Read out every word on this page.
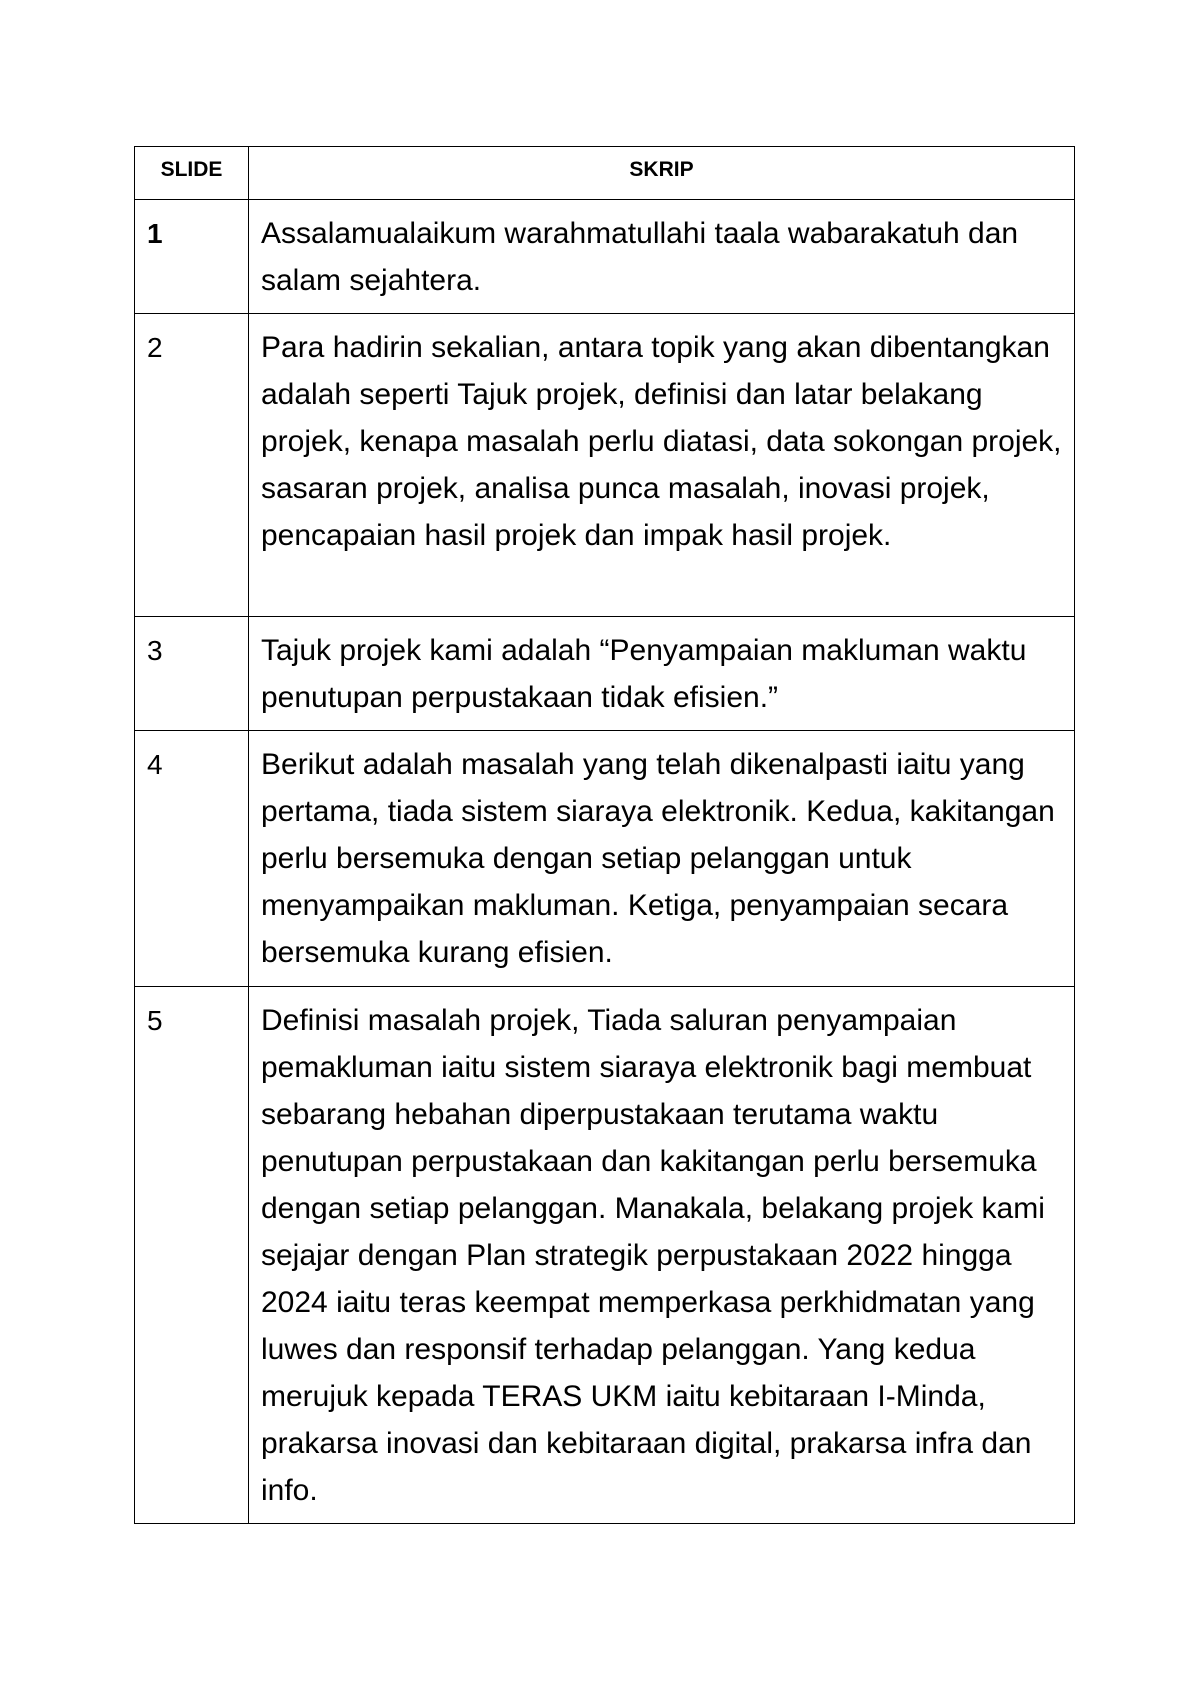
SLIDE	SKRIP

1	Assalamualaikum warahmatullahi taala wabarakatuh dan salam sejahtera.
2	Para hadirin sekalian, antara topik yang akan dibentangkan adalah seperti Tajuk projek, definisi dan latar belakang projek, kenapa masalah perlu diatasi, data sokongan projek, sasaran projek, analisa punca masalah, inovasi projek, pencapaian hasil projek dan impak hasil projek.
3	Tajuk projek kami adalah “Penyampaian makluman waktu penutupan perpustakaan tidak efisien.”
4	Berikut adalah masalah yang telah dikenalpasti iaitu yang pertama, tiada sistem siaraya elektronik. Kedua, kakitangan perlu bersemuka dengan setiap pelanggan untuk menyampaikan makluman. Ketiga, penyampaian secara bersemuka kurang efisien.
5	Definisi masalah projek, Tiada saluran penyampaian pemakluman iaitu sistem siaraya elektronik bagi membuat sebarang hebahan diperpustakaan terutama waktu penutupan perpustakaan dan kakitangan perlu bersemuka dengan setiap pelanggan. Manakala, belakang projek kami sejajar dengan Plan strategik perpustakaan 2022 hingga 2024 iaitu teras keempat memperkasa perkhidmatan yang luwes dan responsif terhadap pelanggan. Yang kedua merujuk kepada TERAS UKM iaitu kebitaraan I-Minda, prakarsa inovasi dan kebitaraan digital, prakarsa infra dan info.
